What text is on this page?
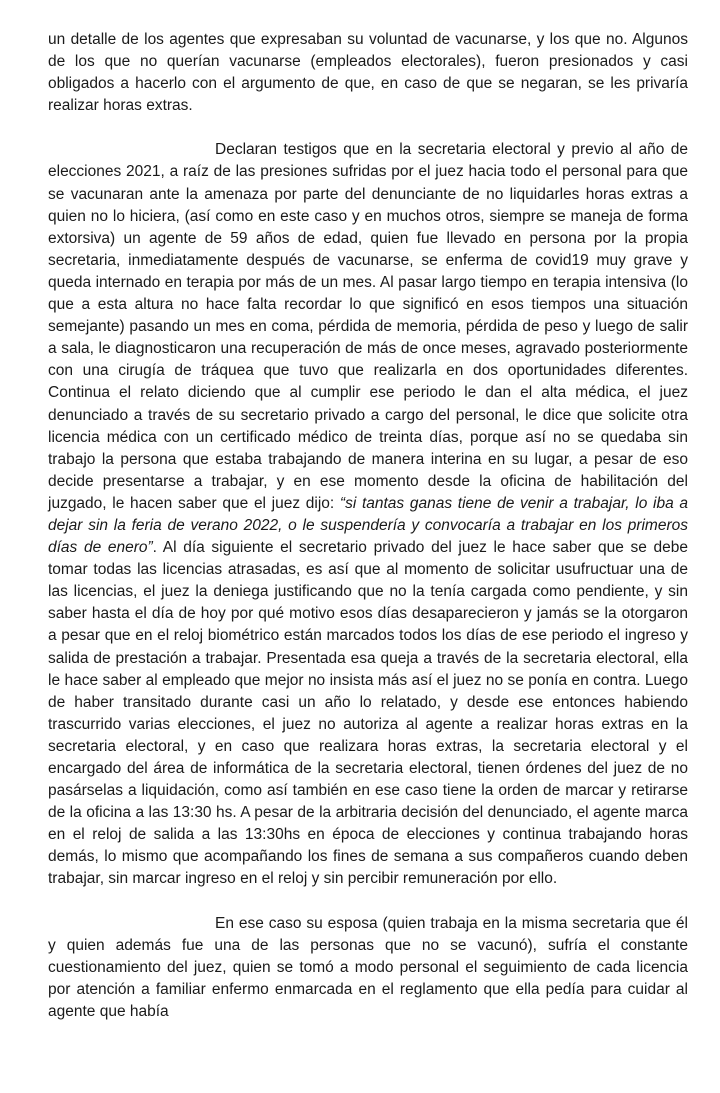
un detalle de los agentes que expresaban su voluntad de vacunarse, y los que no. Algunos de los que no querían vacunarse (empleados electorales), fueron presionados y casi obligados a hacerlo con el argumento de que, en caso de que se negaran, se les privaría realizar horas extras.

Declaran testigos que en la secretaria electoral y previo al año de elecciones 2021, a raíz de las presiones sufridas por el juez hacia todo el personal para que se vacunaran ante la amenaza por parte del denunciante de no liquidarles horas extras a quien no lo hiciera, (así como en este caso y en muchos otros, siempre se maneja de forma extorsiva) un agente de 59 años de edad, quien fue llevado en persona por la propia secretaria, inmediatamente después de vacunarse, se enferma de covid19 muy grave y queda internado en terapia por más de un mes. Al pasar largo tiempo en terapia intensiva (lo que a esta altura no hace falta recordar lo que significó en esos tiempos una situación semejante) pasando un mes en coma, pérdida de memoria, pérdida de peso y luego de salir a sala, le diagnosticaron una recuperación de más de once meses, agravado posteriormente con una cirugía de tráquea que tuvo que realizarla en dos oportunidades diferentes. Continua el relato diciendo que al cumplir ese periodo le dan el alta médica, el juez denunciado a través de su secretario privado a cargo del personal, le dice que solicite otra licencia médica con un certificado médico de treinta días, porque así no se quedaba sin trabajo la persona que estaba trabajando de manera interina en su lugar, a pesar de eso decide presentarse a trabajar, y en ese momento desde la oficina de habilitación del juzgado, le hacen saber que el juez dijo: “si tantas ganas tiene de venir a trabajar, lo iba a dejar sin la feria de verano 2022, o le suspendería y convocaría a trabajar en los primeros días de enero”. Al día siguiente el secretario privado del juez le hace saber que se debe tomar todas las licencias atrasadas, es así que al momento de solicitar usufructuar una de las licencias, el juez la deniega justificando que no la tenía cargada como pendiente, y sin saber hasta el día de hoy por qué motivo esos días desaparecieron y jamás se la otorgaron a pesar que en el reloj biométrico están marcados todos los días de ese periodo el ingreso y salida de prestación a trabajar. Presentada esa queja a través de la secretaria electoral, ella le hace saber al empleado que mejor no insista más así el juez no se ponía en contra. Luego de haber transitado durante casi un año lo relatado, y desde ese entonces habiendo trascurrido varias elecciones, el juez no autoriza al agente a realizar horas extras en la secretaria electoral, y en caso que realizara horas extras, la secretaria electoral y el encargado del área de informática de la secretaria electoral, tienen órdenes del juez de no pasárselas a liquidación, como así también en ese caso tiene la orden de marcar y retirarse de la oficina a las 13:30 hs. A pesar de la arbitraria decisión del denunciado, el agente marca en el reloj de salida a las 13:30hs en época de elecciones y continua trabajando horas demás, lo mismo que acompañando los fines de semana a sus compañeros cuando deben trabajar, sin marcar ingreso en el reloj y sin percibir remuneración por ello.

En ese caso su esposa (quien trabaja en la misma secretaria que él y quien además fue una de las personas que no se vacunó), sufría el constante cuestionamiento del juez, quien se tomó a modo personal el seguimiento de cada licencia por atención a familiar enfermo enmarcada en el reglamento que ella pedía para cuidar al agente que había
